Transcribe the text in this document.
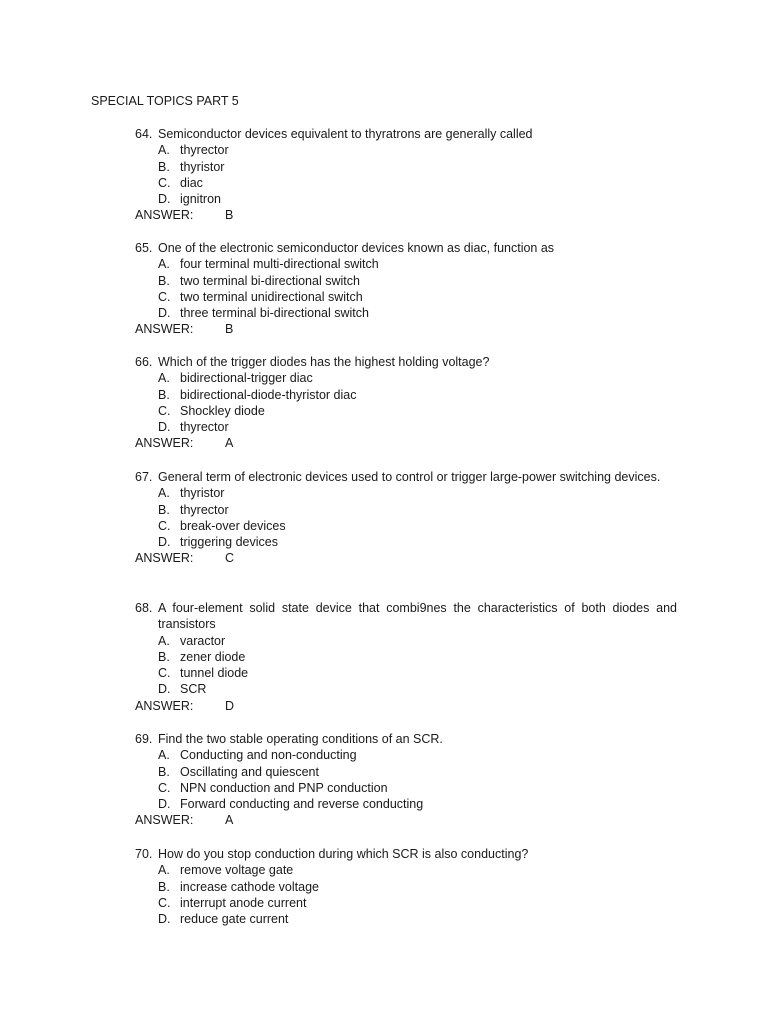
SPECIAL TOPICS PART 5
64. Semiconductor devices equivalent to thyratrons are generally called
A. thyrector
B. thyristor
C. diac
D. ignitron
ANSWER:	B
65. One of the electronic semiconductor devices known as diac, function as
A. four terminal multi-directional switch
B. two terminal bi-directional switch
C. two terminal unidirectional switch
D. three terminal bi-directional switch
ANSWER:	B
66. Which of the trigger diodes has the highest holding voltage?
A. bidirectional-trigger diac
B. bidirectional-diode-thyristor diac
C. Shockley diode
D. thyrector
ANSWER:	A
67. General term of electronic devices used to control or trigger large-power switching devices.
A. thyristor
B. thyrector
C. break-over devices
D. triggering devices
ANSWER:	C
68. A four-element solid state device that combi9nes the characteristics of both diodes and transistors
A. varactor
B. zener diode
C. tunnel diode
D. SCR
ANSWER:	D
69. Find the two stable operating conditions of an SCR.
A. Conducting and non-conducting
B. Oscillating and quiescent
C. NPN conduction and PNP conduction
D. Forward conducting and reverse conducting
ANSWER:	A
70. How do you stop conduction during which SCR is also conducting?
A. remove voltage gate
B. increase cathode voltage
C. interrupt anode current
D. reduce gate current
